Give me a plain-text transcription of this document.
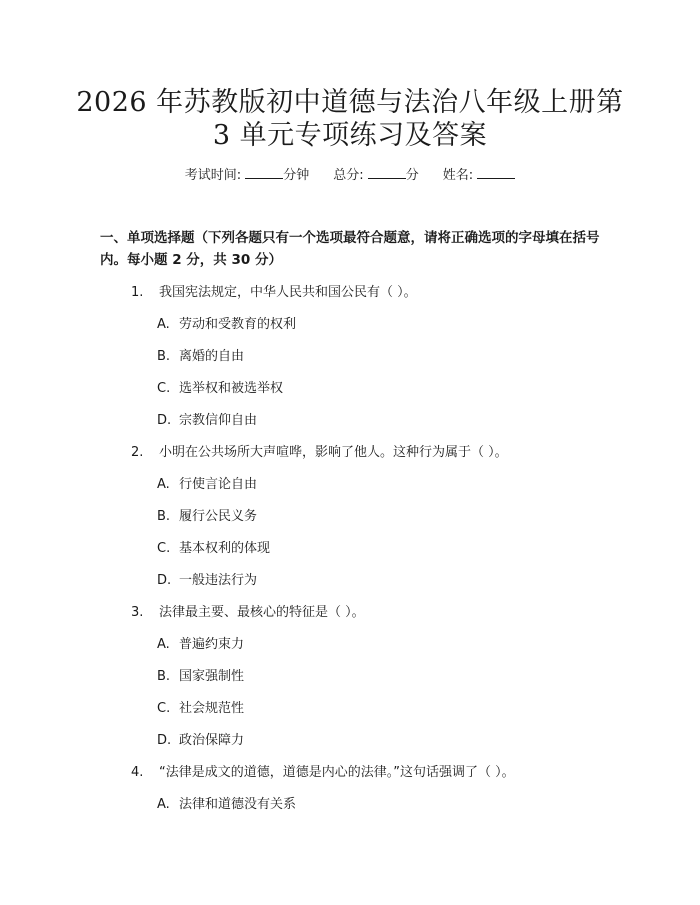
2026 年苏教版初中道德与法治八年级上册第
3 单元专项练习及答案
考试时间:	分钟 总分:	分 姓名:
一、单项选择题（下列各题只有一个选项最符合题意，请将正确选项的字母填在括号内。每小题 2 分，共 30 分）
1. 我国宪法规定，中华人民共和国公民有（ ）。
A. 劳动和受教育的权利
B. 离婚的自由
C. 选举权和被选举权
D. 宗教信仰自由
2. 小明在公共场所大声喧哗，影响了他人。这种行为属于（ ）。
A. 行使言论自由
B. 履行公民义务
C. 基本权利的体现
D. 一般违法行为
3. 法律最主要、最核心的特征是（ ）。
A. 普遍约束力
B. 国家强制性
C. 社会规范性
D. 政治保障力
4. “法律是成文的道德，道德是内心的法律。”这句话强调了（ ）。
A. 法律和道德没有关系
